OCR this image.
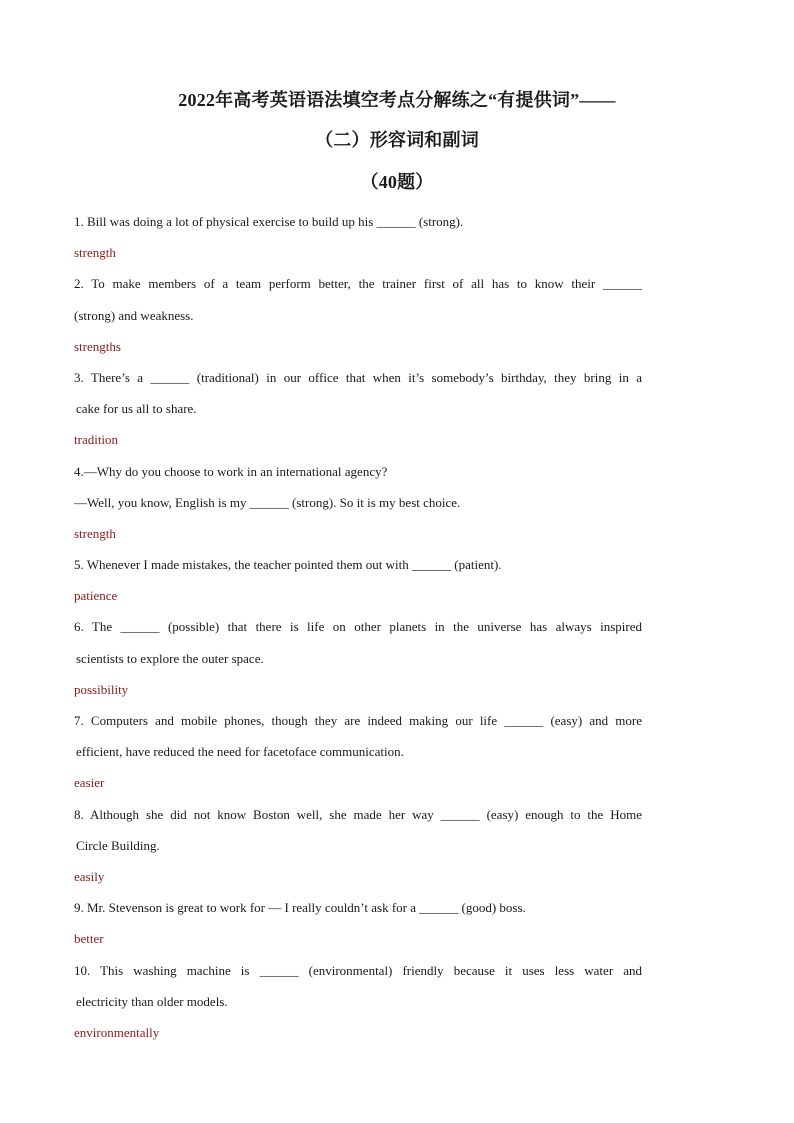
2022年高考英语语法填空考点分解练之“有提供词”——
（二）形容词和副词
（40题）
1. Bill was doing a lot of physical exercise to build up his ______ (strong).
strength
2. To make members of a team perform better, the trainer first of all has to know their ______
(strong) and weakness.
strengths
3. There’s a ______ (traditional) in our office that when it’s somebody’s birthday, they bring in a
cake for us all to share.
tradition
4.—Why do you choose to work in an international agency?
—Well, you know, English is my ______ (strong). So it is my best choice.
strength
5. Whenever I made mistakes, the teacher pointed them out with ______ (patient).
patience
6. The ______ (possible) that there is life on other planets in the universe has always inspired
scientists to explore the outer space.
possibility
7. Computers and mobile phones, though they are indeed making our life ______ (easy) and more
efficient, have reduced the need for facetoface communication.
easier
8. Although she did not know Boston well, she made her way ______ (easy) enough to the Home
Circle Building.
easily
9. Mr. Stevenson is great to work for — I really couldn’t ask for a ______ (good) boss.
better
10. This washing machine is ______ (environmental) friendly because it uses less water and
electricity than older models.
environmentally
